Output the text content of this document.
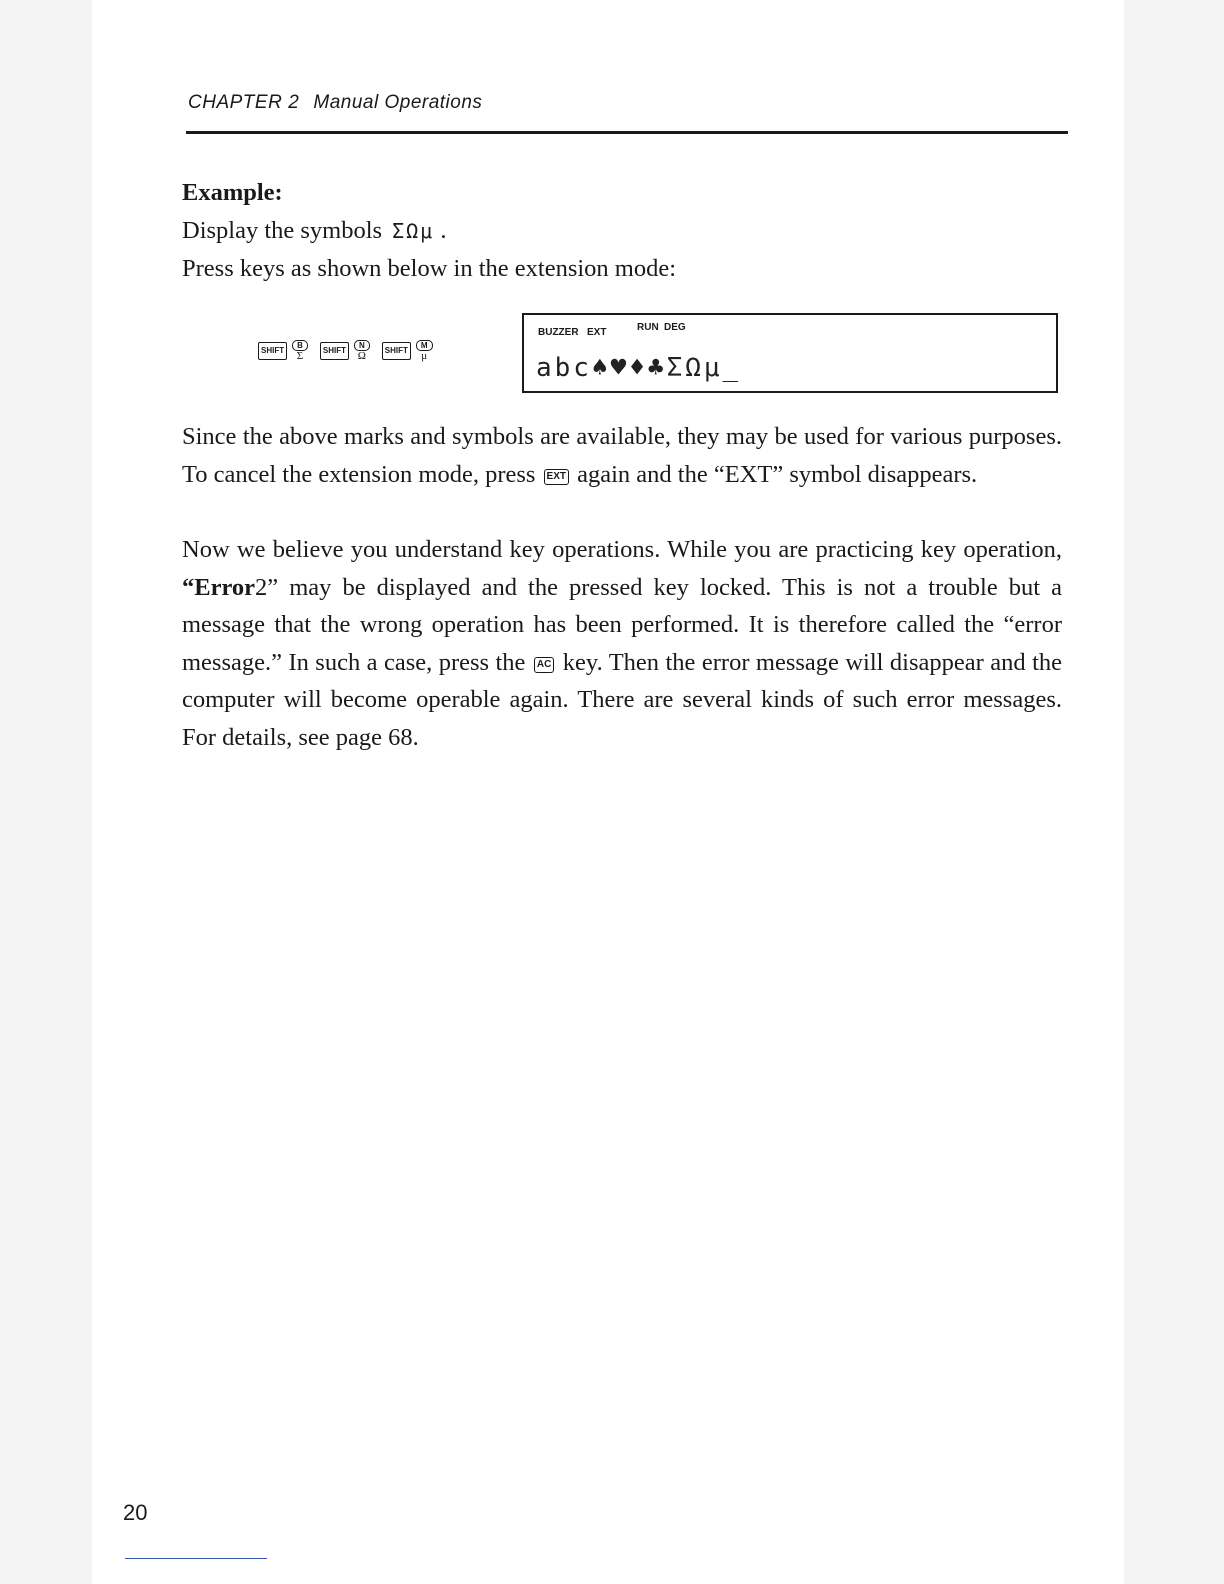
CHAPTER 2 Manual Operations
Example:
Display the symbols ΣΩμ .
Press keys as shown below in the extension mode:
SHIFT
B
Σ	SHIFT
N
Ω	SHIFT
M
μ
BUZZER EXT	RUN DEG
abc♠♥♦♣ΣΩμ_
Since the above marks and symbols are available, they may be used for various purposes. To cancel the extension mode, press EXT again and the “EXT” symbol disappears.
Now we believe you understand key operations. While you are practicing key operation, “Error2” may be displayed and the pressed key locked. This is not a trouble but a message that the wrong operation has been performed. It is therefore called the “error message.” In such a case, press the AC key. Then the error message will disappear and the computer will become operable again. There are several kinds of such error messages. For details, see page 68.
20
